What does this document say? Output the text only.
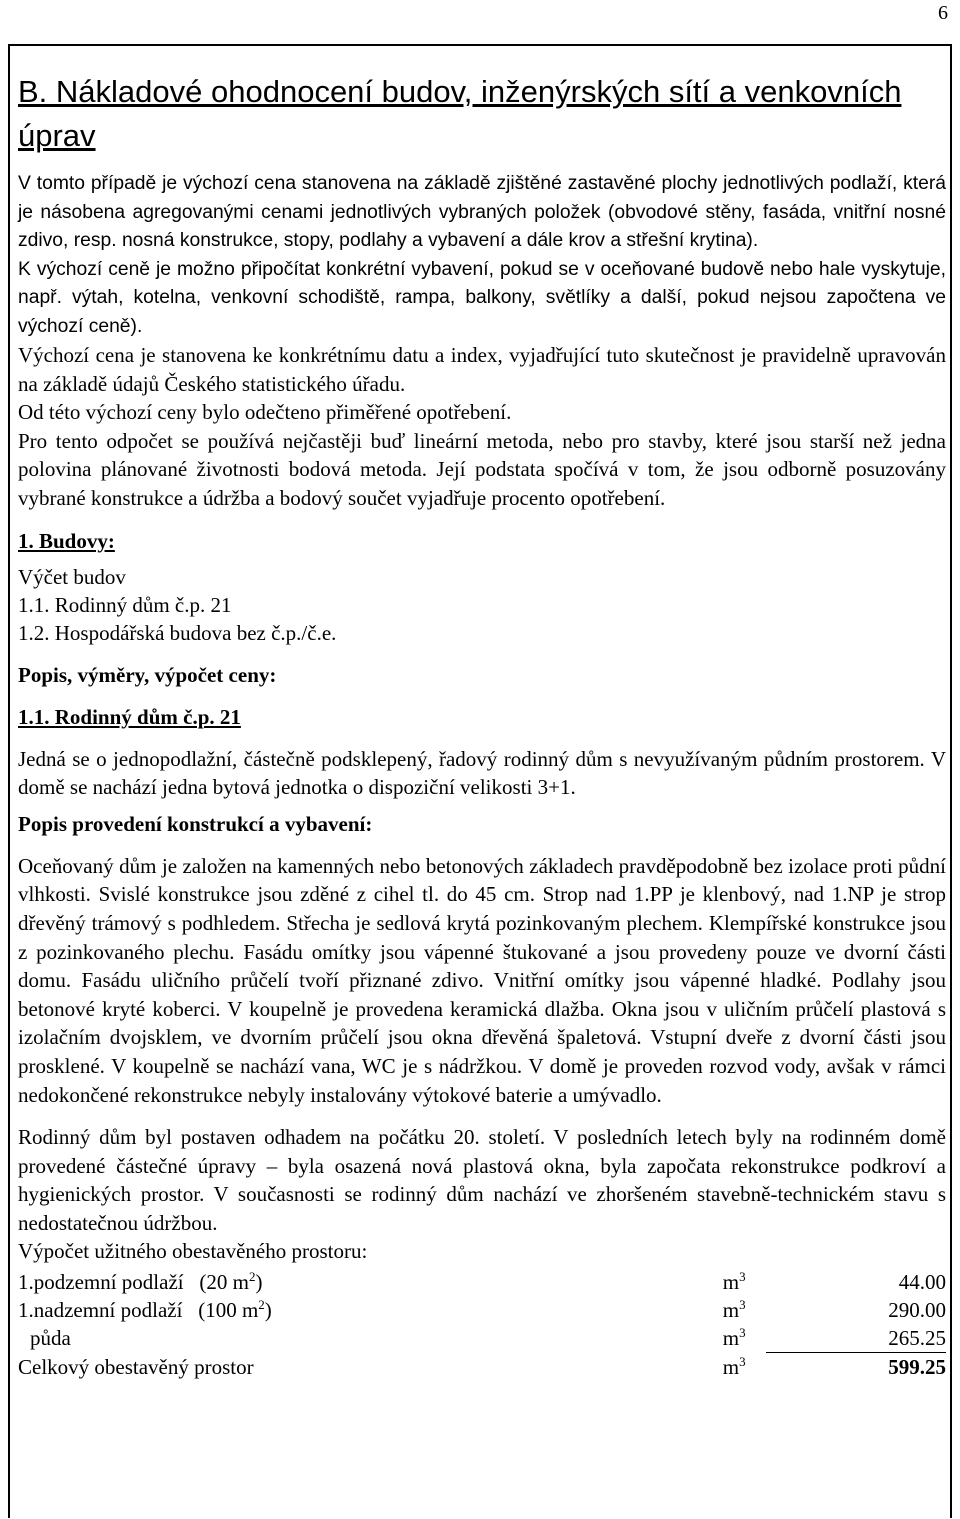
6
B. Nákladové ohodnocení budov, inženýrských sítí a venkovních úprav

V tomto případě je výchozí cena stanovena na základě zjištěné zastavěné plochy jednotlivých podlaží, která je násobena agregovanými cenami jednotlivých vybraných položek (obvodové stěny, fasáda, vnitřní nosné zdivo, resp. nosná konstrukce, stopy, podlahy a vybavení a dále krov a střešní krytina).

K výchozí ceně je možno připočítat konkrétní vybavení, pokud se v oceňované budově nebo hale vyskytuje, např. výtah, kotelna, venkovní schodiště, rampa, balkony, světlíky a další, pokud nejsou započtena ve výchozí ceně).

Výchozí cena je stanovena ke konkrétnímu datu a index, vyjadřující tuto skutečnost je pravidelně upravován na základě údajů Českého statistického úřadu.

Od této výchozí ceny bylo odečteno přiměřené opotřebení.

Pro tento odpočet se používá nejčastěji buď lineární metoda, nebo pro stavby, které jsou starší než jedna polovina plánované životnosti bodová metoda. Její podstata spočívá v tom, že jsou odborně posuzovány vybrané konstrukce a údržba a bodový součet vyjadřuje procento opotřebení.

1. Budovy:

Výčet budov

1.1. Rodinný dům č.p. 21

1.2. Hospodářská budova bez č.p./č.e.

Popis, výměry, výpočet ceny:

1.1. Rodinný dům č.p. 21

Jedná se o jednopodlažní, částečně podsklepený, řadový rodinný dům s nevyužívaným půdním prostorem. V domě se nachází jedna bytová jednotka o dispoziční velikosti 3+1.

Popis provedení konstrukcí a vybavení:

Oceňovaný dům je založen na kamenných nebo betonových základech pravděpodobně bez izolace proti půdní vlhkosti. Svislé konstrukce jsou zděné z cihel tl. do 45 cm. Strop nad 1.PP je klenbový, nad 1.NP je strop dřevěný trámový s podhledem. Střecha je sedlová krytá pozinkovaným plechem. Klempířské konstrukce jsou z pozinkovaného plechu. Fasádu omítky jsou vápenné štukované a jsou provedeny pouze ve dvorní části domu. Fasádu uličního průčelí tvoří přiznané zdivo. Vnitřní omítky jsou vápenné hladké. Podlahy jsou betonové kryté koberci. V koupelně je provedena keramická dlažba. Okna jsou v uličním průčelí plastová s izolačním dvojsklem, ve dvorním průčelí jsou okna dřevěná špaletová. Vstupní dveře z dvorní části jsou prosklené. V koupelně se nachází vana, WC je s nádržkou. V domě je proveden rozvod vody, avšak v rámci nedokončené rekonstrukce nebyly instalovány výtokové baterie a umývadlo.

Rodinný dům byl postaven odhadem na počátku 20. století. V posledních letech byly na rodinném domě provedené částečné úpravy – byla osazená nová plastová okna, byla započata rekonstrukce podkroví a hygienických prostor. V současnosti se rodinný dům nachází ve zhoršeném stavebně-technickém stavu s nedostatečnou údržbou.

Výpočet užitného obestavěného prostoru:

1.podzemní podlaží (20 $m^2$)	$m^3$	44.00
1.nadzemní podlaží (100 $m^2$)	$m^3$	290.00
půda	$m^3$	265.25
Celkový obestavěný prostor	$m^3$	599.25
